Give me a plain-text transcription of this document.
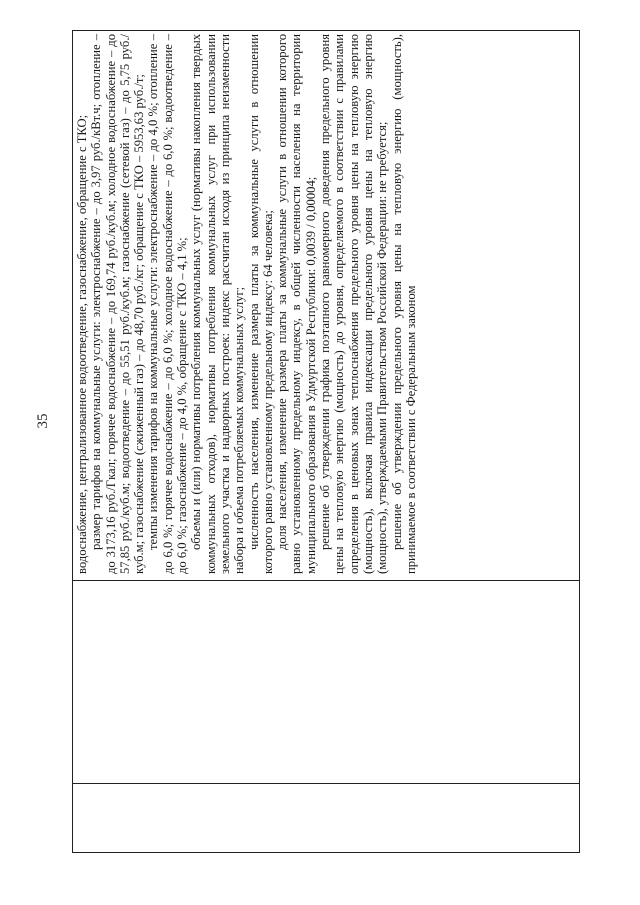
35 водоснабжение, централизованное водоотведение, газоснабжение, обращение с ТКО; размер тарифов на коммунальные услуги: электроснабжение – до 3,97 руб./кВт.ч; отопление – до 3173,16 руб./Гкал; горячее водоснабжение – до 169,74 руб./куб.м; холодное водоснабжение – до 57,85 руб./куб.м; водоотведение – до 55,51 руб./куб.м; газоснабжение (сетевой газ) – до 5,75 руб./куб.м; газоснабжение (сжиженный газ) – до 48,70 руб./кг; обращение с ТКО – 5953,63 руб./т; темпы изменения тарифов на коммунальные услуги: электроснабжение – до 4,0 %; отопление – до 6,0 %; горячее водоснабжение – до 6,0 %; холодное водоснабжение – до 6,0 %; водоотведение – до 6,0 %; газоснабжение – до 4,0 %, обращение с ТКО – 4,1 %; объемы и (или) нормативы потребления коммунальных услуг (нормативы накопления твердых коммунальных отходов), нормативы потребления коммунальных услуг при использовании земельного участка и надворных построек: индекс рассчитан исходя из принципа неизменности набора и объема потребляемых коммунальных услуг; численность населения, изменение размера платы за коммунальные услуги в отношении которого равно установленному предельному индексу: 64 человека; доля населения, изменение размера платы за коммунальные услуги в отношении которого равно установленному предельному индексу, в общей численности населения на территории муниципального образования в Удмуртской Республики: 0,0039 / 0,00004; решение об утверждении графика поэтапного равномерного доведения предельного уровня цены на тепловую энергию (мощность) до уровня, определяемого в соответствии с правилами определения в ценовых зонах теплоснабжения предельного уровня цены на тепловую энергию (мощность), включая правила индексации предельного уровня цены на тепловую энергию (мощность), утверждаемыми Правительством Российской Федерации: не требуется; решение об утверждении предельного уровня цены на тепловую энергию (мощность), принимаемое в соответствии с Федеральным законом
